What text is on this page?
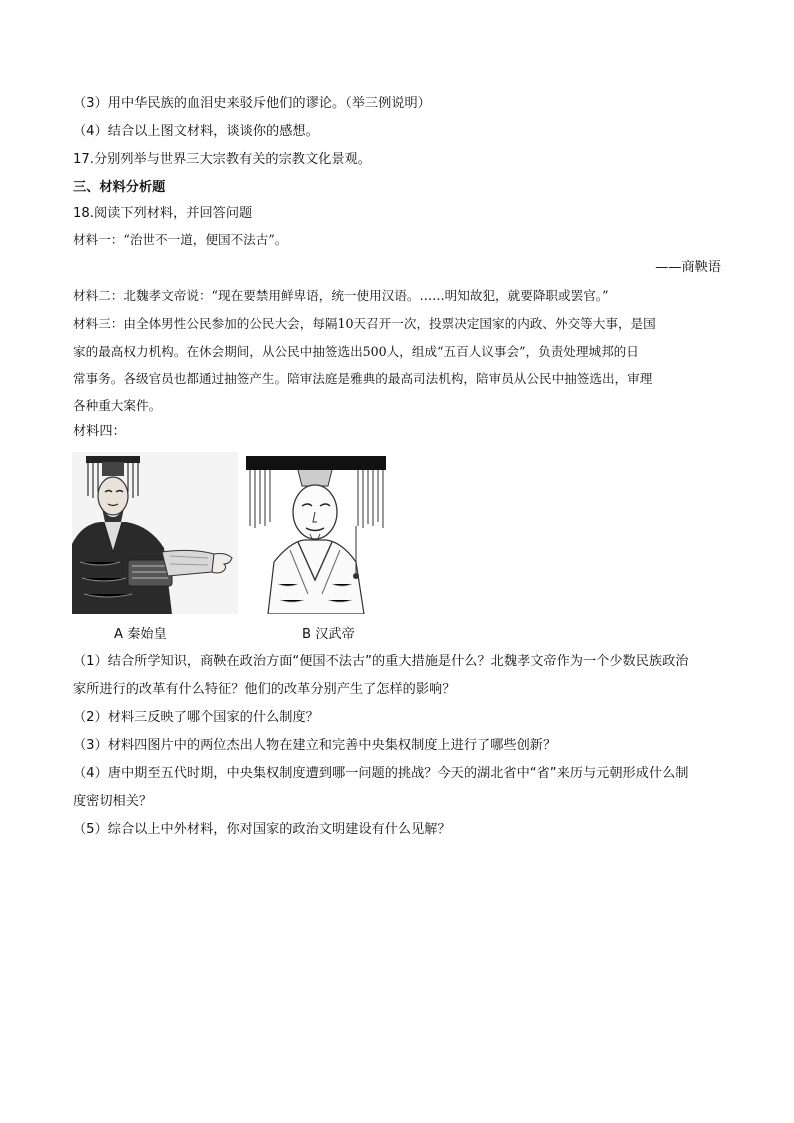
（3）用中华民族的血泪史来驳斥他们的谬论。（举三例说明）
（4）结合以上图文材料，谈谈你的感想。
17.分别列举与世界三大宗教有关的宗教文化景观。
三、材料分析题
18.阅读下列材料，并回答问题
材料一：“治世不一道，便国不法古”。
——商鞅语
材料二：北魏孝文帝说：“现在要禁用鲜卑语，统一使用汉语。……明知故犯，就要降职或罢官。”
材料三：由全体男性公民参加的公民大会，每隔10天召开一次，投票决定国家的内政、外交等大事，是国
家的最高权力机构。在休会期间，从公民中抽签选出500人，组成“五百人议事会”，负责处理城邦的日
常事务。各级官员也都通过抽签产生。陪审法庭是雅典的最高司法机构，陪审员从公民中抽签选出，审理
各种重大案件。
材料四：
A 秦始皇	B 汉武帝
（1）结合所学知识，商鞅在政治方面“便国不法古”的重大措施是什么？北魏孝文帝作为一个少数民族政治
家所进行的改革有什么特征？他们的改革分别产生了怎样的影响？
（2）材料三反映了哪个国家的什么制度？
（3）材料四图片中的两位杰出人物在建立和完善中央集权制度上进行了哪些创新？
（4）唐中期至五代时期，中央集权制度遭到哪一问题的挑战？今天的湖北省中“省”来历与元朝形成什么制
度密切相关？
（5）综合以上中外材料，你对国家的政治文明建设有什么见解？
